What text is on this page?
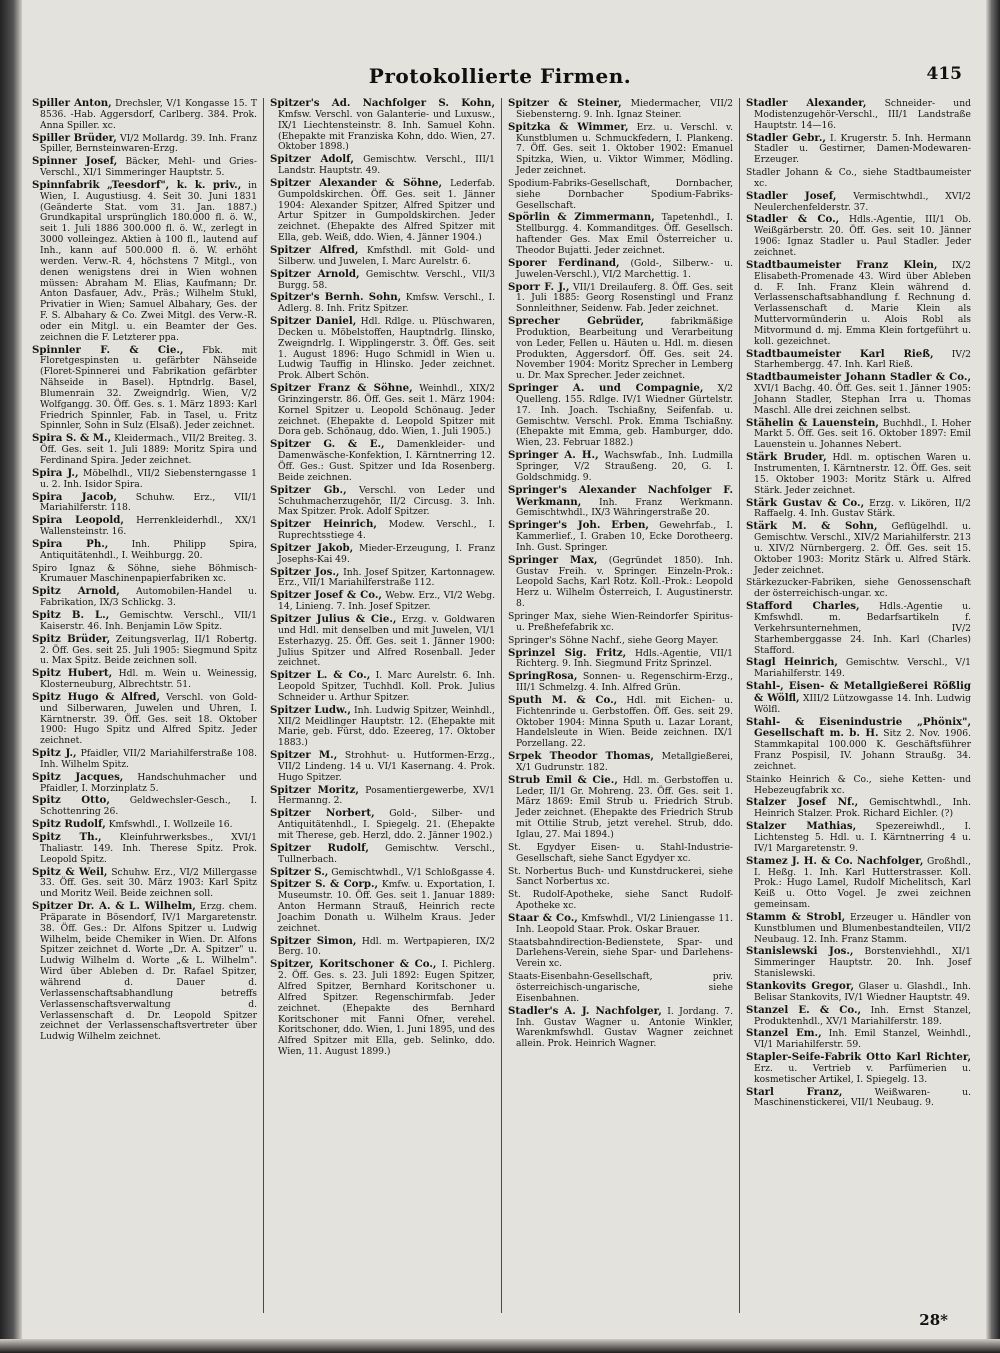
Protokollierte Firmen.	415
Spiller Anton, Drechsler, V/1 Kongasse 15. T 8536. -Hab. Aggersdorf, Carlberg. 384. Prok. Anna Spiller. xc.
Spiller Brüder, VI/2 Mollardg. 39. Inh. Franz Spiller, Bernsteinwaren-Erzg.
Spinner Josef, Bäcker, Mehl- und Gries-Verschl., XI/1 Simmeringer Hauptstr. 5.
Spinnfabrik „Teesdorf", k. k. priv., in Wien, I. Augustiusg. 4. Seit 30. Juni 1831 (Geänderte Stat. vom 31. Jan. 1887.) Grundkapital ursprünglich 180.000 fl. ö. W., seit 1. Juli 1886 300.000 fl. ö. W., zerlegt in 3000 volleingez. Aktien à 100 fl., lautend auf Inh., kann auf 500.000 fl. ö. W. erhöht werden. Verw.-R. 4, höchstens 7 Mitgl., von denen wenigstens drei in Wien wohnen müssen: Abraham M. Elias, Kaufmann; Dr. Anton Dasfauer, Adv., Präs.; Wilhelm Stukl, Privatier in Wien; Samuel Albahary, Ges. der F. S. Albahary & Co. Zwei Mitgl. des Verw.-R. oder ein Mitgl. u. ein Beamter der Ges. zeichnen die F. Letzterer ppa.
Spinnler F. & Cie., Fbk. mit Floretgespinsten u. gefärbter Nähseide (Floret-Spinnerei und Fabrikation gefärbter Nähseide in Basel). Hptndrlg. Basel, Blumenrain 32. Zweigndrlg. Wien, V/2 Wolfgangg. 30. Öff. Ges. s. 1. März 1893: Karl Friedrich Spinnler, Fab. in Tasel, u. Fritz Spinnler, Sohn in Sulz (Elsaß). Jeder zeichnet.
Spira S. & M., Kleidermach., VII/2 Breiteg. 3. Öff. Ges. seit 1. Juli 1889: Moritz Spira und Ferdinand Spira. Jeder zeichnet.
Spira J., Möbelhdl., VII/2 Siebensterngasse 1 u. 2. Inh. Isidor Spira.
Spira Jacob, Schuhw. Erz., VII/1 Mariahilferstr. 118.
Spira Leopold, Herrenkleiderhdl., XX/1 Wallensteinstr. 16.
Spira Ph.,	Inh. Philipp Spira, Antiquitätenhdl., I. Weihburgg. 20.
Spiro Ignaz & Söhne, siehe Böhmisch-Krumauer Maschinenpapierfabriken xc.
Spitz Arnold, Automobilen-Handel u. Fabrikation, IX/3 Schlickg. 3.
Spitz B. L., Gemischtw. Verschl., VII/1 Kaiserstr. 46. Inh. Benjamin Löw Spitz.
Spitz Brüder, Zeitungsverlag, II/1 Robertg. 2. Öff. Ges. seit 25. Juli 1905: Siegmund Spitz u. Max Spitz. Beide zeichnen soll.
Spitz Hubert, Hdl. m. Wein u. Weinessig, Klosterneuburg, Albrechtstr. 51.
Spitz Hugo & Alfred, Verschl. von Gold- und Silberwaren, Juwelen und Uhren, I. Kärntnerstr. 39. Öff. Ges. seit 18. Oktober 1900: Hugo Spitz und Alfred Spitz. Jeder zeichnet.
Spitz J., Pfaidler, VII/2 Mariahilferstraße 108. Inh. Wilhelm Spitz.
Spitz Jacques, Handschuhmacher und Pfaidler, I. Morzinplatz 5.
Spitz Otto, Geldwechsler-Gesch., I. Schottenring 26.
Spitz Rudolf, Kmfswhdl., I. Wollzeile 16.
Spitz Th., Kleinfuhrwerksbes., XVI/1 Thaliastr. 149. Inh. Therese Spitz. Prok. Leopold Spitz.
Spitz & Weil, Schuhw. Erz., VI/2 Millergasse 33. Öff. Ges. seit 30. März 1903: Karl Spitz und Moritz Weil. Beide zeichnen soll.
Spitzer Dr. A. & L. Wilhelm, Erzg. chem. Präparate in Bösendorf, IV/1 Margaretenstr. 38. Öff. Ges.: Dr. Alfons Spitzer u. Ludwig Wilhelm, beide Chemiker in Wien. Dr. Alfons Spitzer zeichnet d. Worte „Dr. A. Spitzer" u. Ludwig Wilhelm d. Worte „& L. Wilhelm". Wird über Ableben d. Dr. Rafael Spitzer, während d. Dauer d. Verlassenschaftsabhandlung betreffs Verlassenschaftsverwaltung d. Verlassenschaft d. Dr. Leopold Spitzer zeichnet der Verlassenschaftsvertreter über Ludwig Wilhelm zeichnet.
Spitzer's Ad. Nachfolger S. Kohn, Kmfsw. Verschl. von Galanterie- und Luxusw., IX/1 Liechtensteinstr. 8. Inh. Samuel Kohn. (Ehepakte mit Franziska Kohn, ddo. Wien, 27. Oktober 1898.)
Spitzer Adolf, Gemischtw. Verschl., III/1 Landstr. Hauptstr. 49.
Spitzer Alexander & Söhne, Lederfab. Gumpoldskirchen. Öff. Ges. seit 1. Jänner 1904: Alexander Spitzer, Alfred Spitzer und Artur Spitzer in Gumpoldskirchen. Jeder zeichnet. (Ehepakte des Alfred Spitzer mit Ella, geb. Weiß, ddo. Wien, 4. Jänner 1904.)
Spitzer Alfred, Kmfsthdl. mit Gold- und Silberw. und Juwelen, I. Marc Aurelstr. 6.
Spitzer Arnold, Gemischtw. Verschl., VII/3 Burgg. 58.
Spitzer's Bernh. Sohn, Kmfsw. Verschl., I. Adlerg. 8. Inh. Fritz Spitzer.
Spitzer Daniel, Hdl. Rdlge. u. Plüschwaren, Decken u. Möbelstoffen, Hauptndrlg. Ilinsko, Zweigndrlg. I. Wipplingerstr. 3. Öff. Ges. seit 1. August 1896: Hugo Schmidl in Wien u. Ludwig Tauffig in Hlinsko. Jeder zeichnet. Prok. Albert Schön.
Spitzer Franz & Söhne, Weinhdl., XIX/2 Grinzingerstr. 86. Öff. Ges. seit 1. März 1904: Kornel Spitzer u. Leopold Schönaug. Jeder zeichnet. (Ehepakte d. Leopold Spitzer mit Dora geb. Schönaug, ddo. Wien, 1. Juli 1905.)
Spitzer G. & E., Damenkleider- und Damenwäsche-Konfektion, I. Kärntnerring 12. Öff. Ges.: Gust. Spitzer und Ida Rosenberg. Beide zeichnen.
Spitzer Gb., Verschl. von Leder und Schuhmacherzugehör, II/2 Circusg. 3. Inh. Max Spitzer. Prok. Adolf Spitzer.
Spitzer Heinrich, Modew. Verschl., I. Ruprechtsstiege 4.
Spitzer Jakob, Mieder-Erzeugung, I. Franz Josephs-Kai 49.
Spitzer Jos., Inh. Josef Spitzer, Kartonnagew. Erz., VII/1 Mariahilferstraße 112.
Spitzer Josef & Co., Webw. Erz., VI/2 Webg. 14, Linieng. 7. Inh. Josef Spitzer.
Spitzer Julius & Cie., Erzg. v. Goldwaren und Hdl. mit denselben und mit Juwelen, VI/1 Esterhazyg. 25. Öff. Ges. seit 1. Jänner 1900: Julius Spitzer und Alfred Rosenball. Jeder zeichnet.
Spitzer L. & Co., I. Marc Aurelstr. 6. Inh. Leopold Spitzer, Tuchhdl. Koll. Prok. Julius Schneider u. Arthur Spitzer.
Spitzer Ludw., Inh. Ludwig Spitzer, Weinhdl., XII/2 Meidlinger Hauptstr. 12. (Ehepakte mit Marie, geb. Fürst, ddo. Ezeereg, 17. Oktober 1883.)
Spitzer M., Strohhut- u. Hutformen-Erzg., VII/2 Lindeng. 14 u. VI/1 Kasernang. 4. Prok. Hugo Spitzer.
Spitzer Moritz, Posamentiergewerbe, XV/1 Hermanng. 2.
Spitzer Norbert, Gold-, Silber- und Antiquitätenhdl., I. Spiegelg. 21. (Ehepakte mit Therese, geb. Herzl, ddo. 2. Jänner 1902.)
Spitzer Rudolf, Gemischtw. Verschl., Tullnerbach.
Spitzer S., Gemischtwhdl., V/1 Schloßgasse 4.
Spitzer S. & Corp., Kmfw. u. Exportation, I. Museumstr. 10. Öff. Ges. seit 1. Januar 1889: Anton Hermann Strauß, Heinrich recte Joachim Donath u. Wilhelm Kraus. Jeder zeichnet.
Spitzer Simon, Hdl. m. Wertpapieren, IX/2 Berg. 10.
Spitzer, Koritschoner & Co., I. Pichlerg. 2. Öff. Ges. s. 23. Juli 1892: Eugen Spitzer, Alfred Spitzer, Bernhard Koritschoner u. Alfred Spitzer. Regenschirmfab. Jeder zeichnet. (Ehepakte des Bernhard Koritschoner mit Fanni Ofner, verehel. Koritschoner, ddo. Wien, 1. Juni 1895, und des Alfred Spitzer mit Ella, geb. Selinko, ddo. Wien, 11. August 1899.)
Spitzer & Steiner, Miedermacher, VII/2 Siebensterng. 9. Inh. Ignaz Steiner.
Spitzka & Wimmer, Erz. u. Verschl. v. Kunstblumen u. Schmuckfedern, I. Plankeng. 7. Öff. Ges. seit 1. Oktober 1902: Emanuel Spitzka, Wien, u. Viktor Wimmer, Mödling. Jeder zeichnet.
Spodium-Fabriks-Gesellschaft, Dornbacher, siehe Dornbacher Spodium-Fabriks-Gesellschaft.
Spörlin & Zimmermann, Tapetenhdl., I. Stellburgg. 4. Kommanditges. Öff. Gesellsch. haftender Ges. Max Emil Österreicher u. Theodor Bujatti. Jeder zeichnet.
Sporer Ferdinand, (Gold-, Silberw.- u. Juwelen-Verschl.), VI/2 Marchettig. 1.
Sporr F. J., VII/1 Dreilauferg. 8. Öff. Ges. seit 1. Juli 1885: Georg Rosenstingl und Franz Sonnleithner, Seidenw. Fab. Jeder zeichnet.
Sprecher Gebrüder,	fabrikmäßige Produktion, Bearbeitung und Verarbeitung von Leder, Fellen u. Häuten u. Hdl. m. diesen Produkten, Aggersdorf. Öff. Ges. seit 24. November 1904: Moritz Sprecher in Lemberg u. Dr. Max Sprecher. Jeder zeichnet.
Springer A. und Compagnie, X/2 Quelleng. 155. Rdlge. IV/1 Wiedner Gürtelstr. 17. Inh. Joach. Tschiaßny, Seifenfab. u. Gemischtw. Verschl. Prok. Emma Tschiaßny. (Ehepakte mit Emma, geb. Hamburger, ddo. Wien, 23. Februar 1882.)
Springer A. H., Wachswfab., Inh. Ludmilla Springer, V/2 Straußeng. 20, G. I. Goldschmidg. 9.
Springer's Alexander Nachfolger F. Werkmann, Inh. Franz Werkmann. Gemischtwhdl., IX/3 Währingerstraße 20.
Springer's Joh. Erben, Gewehrfab., I. Kammerlief., I. Graben 10, Ecke Dorotheerg. Inh. Gust. Springer.
Springer Max, (Gegründet 1850). Inh. Gustav Freih. v. Springer. Einzeln-Prok.: Leopold Sachs, Karl Rotz. Koll.-Prok.: Leopold Herz u. Wilhelm Österreich, I. Augustinerstr. 8.
Springer Max, siehe Wien-Reindorfer Spiritus- u. Preßhefefabrik xc.
Springer's Söhne Nachf., siehe Georg Mayer.
Sprinzel Sig. Fritz, Hdls.-Agentie, VII/1 Richterg. 9. Inh. Siegmund Fritz Sprinzel.
SpringRosa, Sonnen- u. Regenschirm-Erzg., III/1 Schmelzg. 4. Inh. Alfred Grün.
Sputh M. & Co., Hdl. mit Eichen- u. Fichtenrinde u. Gerbstoffen. Öff. Ges. seit 29. Oktober 1904: Minna Sputh u. Lazar Lorant, Handelsleute in Wien. Beide zeichnen. IX/1 Porzellang. 22.
Srpek Theodor Thomas, Metallgießerei, X/1 Gudrunstr. 182.
Strub Emil & Cie., Hdl. m. Gerbstoffen u. Leder, II/1 Gr. Mohreng. 23. Öff. Ges. seit 1. März 1869: Emil Strub u. Friedrich Strub. Jeder zeichnet. (Ehepakte des Friedrich Strub mit Ottilie Strub, jetzt verehel. Strub, ddo. Iglau, 27. Mai 1894.)
St. Egydyer Eisen- u. Stahl-Industrie-Gesellschaft, siehe Sanct Egydyer xc.
St. Norbertus Buch- und Kunstdruckerei, siehe Sanct Norbertus xc.
St. Rudolf-Apotheke, siehe Sanct Rudolf-Apotheke xc.
Staar & Co., Kmfswhdl., VI/2 Liniengasse 11. Inh. Leopold Staar. Prok. Oskar Brauer.
Staatsbahndirection-Bedienstete, Spar- und Darlehens-Verein, siehe Spar- und Darlehens-Verein xc.
Staats-Eisenbahn-Gesellschaft, priv. österreichisch-ungarische, siehe Eisenbahnen.
Stadler's A. J. Nachfolger, I. Jordang. 7. Inh. Gustav Wagner u. Antonie Winkler, Warenkmfswhdl. Gustav Wagner zeichnet allein. Prok. Heinrich Wagner.
Stadler Alexander, Schneider- und Modistenzugehör-Verschl., III/1 Landstraße Hauptstr. 14—16.
Stadler Gebr., I. Krugerstr. 5. Inh. Hermann Stadler u. Gestirner, Damen-Modewaren-Erzeuger.
Stadler Johann & Co., siehe Stadtbaumeister xc.
Stadler Josef, Vermischtwhdl., XVI/2 Neulerchenfelderstr. 37.
Stadler & Co., Hdls.-Agentie, III/1 Ob. Weißgärberstr. 20. Öff. Ges. seit 10. Jänner 1906: Ignaz Stadler u. Paul Stadler. Jeder zeichnet.
Stadtbaumeister Franz Klein, IX/2 Elisabeth-Promenade 43. Wird über Ableben d. F. Inh. Franz Klein während d. Verlassenschaftsabhandlung f. Rechnung d. Verlassenschaft d. Marie Klein als Muttervormünderin u. Alois Robl als Mitvormund d. mj. Emma Klein fortgeführt u. koll. gezeichnet.
Stadtbaumeister Karl Rieß, IV/2 Starhembergg. 47. Inh. Karl Rieß.
Stadtbaumeister Johann Stadler & Co., XVI/1 Bachg. 40. Öff. Ges. seit 1. Jänner 1905: Johann Stadler, Stephan Irra u. Thomas Maschl. Alle drei zeichnen selbst.
Stähelin & Lauenstein, Buchhdl., I. Hoher Markt 5. Öff. Ges. seit 16. Oktober 1897: Emil Lauenstein u. Johannes Nebert.
Stärk Bruder, Hdl. m. optischen Waren u. Instrumenten, I. Kärntnerstr. 12. Öff. Ges. seit 15. Oktober 1903: Moritz Stärk u. Alfred Stärk. Jeder zeichnet.
Stärk Gustav & Co., Erzg. v. Likören, II/2 Raffaelg. 4. Inh. Gustav Stärk.
Stärk M. & Sohn, Geflügelhdl. u. Gemischtw. Verschl., XIV/2 Mariahilferstr. 213 u. XIV/2 Nürnbergerg. 2. Öff. Ges. seit 15. Oktober 1903: Moritz Stärk u. Alfred Stärk. Jeder zeichnet.
Stärkezucker-Fabriken, siehe Genossenschaft der österreichisch-ungar. xc.
Stafford Charles, Hdls.-Agentie u. Kmfswhdl. m. Bedarfsartikeln f. Verkehrsunternehmen, IV/2 Starhemberggasse 24. Inh. Karl (Charles) Stafford.
Stagl Heinrich, Gemischtw. Verschl., V/1 Mariahilferstr. 149.
Stahl-, Eisen- & Metallgießerei Rößlig & Wölfl, XIII/2 Lützowgasse 14. Inh. Ludwig Wölfl.
Stahl- & Eisenindustrie „Phönix", Gesellschaft m. b. H. Sitz 2. Nov. 1906. Stammkapital 100.000 K. Geschäftsführer Franz Pospisil, IV. Johann Straußg. 34. zeichnet.
Stainko Heinrich & Co., siehe Ketten- und Hebezeugfabrik xc.
Stalzer Josef Nf., Gemischtwhdl., Inh. Heinrich Stalzer. Prok. Richard Eichler. (?)
Stalzer Mathias, Spezereiwhdl., I. Lichtensteg 5. Hdl. u. I. Kärntnerring 4 u. IV/1 Margaretenstr. 9.
Stamez J. H. & Co. Nachfolger, Großhdl., I. Heßg. 1. Inh. Karl Hutterstrasser. Koll. Prok.: Hugo Lamel, Rudolf Michelitsch, Karl Keiß u. Otto Vogel. Je zwei zeichnen gemeinsam.
Stamm & Strobl, Erzeuger u. Händler von Kunstblumen und Blumenbestandteilen, VII/2 Neubaug. 12. Inh. Franz Stamm.
Stanislewski Jos., Borstenviehhdl., XI/1 Simmeringer Hauptstr. 20. Inh. Josef Stanislewski.
Stankovits Gregor, Glaser u. Glashdl., Inh. Belisar Stankovits, IV/1 Wiedner Hauptstr. 49.
Stanzel E. & Co., Inh. Ernst Stanzel, Produktenhdl., XV/1 Mariahilferstr. 189.
Stanzel Em., Inh. Emil Stanzel, Weinhdl., VI/1 Mariahilferstr. 59.
Stapler-Seife-Fabrik Otto Karl Richter, Erz. u. Vertrieb v. Parfümerien u. kosmetischer Artikel, I. Spiegelg. 13.
Starl Franz,	Weißwaren- u. Maschinenstickerei, VII/1 Neubaug. 9.
28*
